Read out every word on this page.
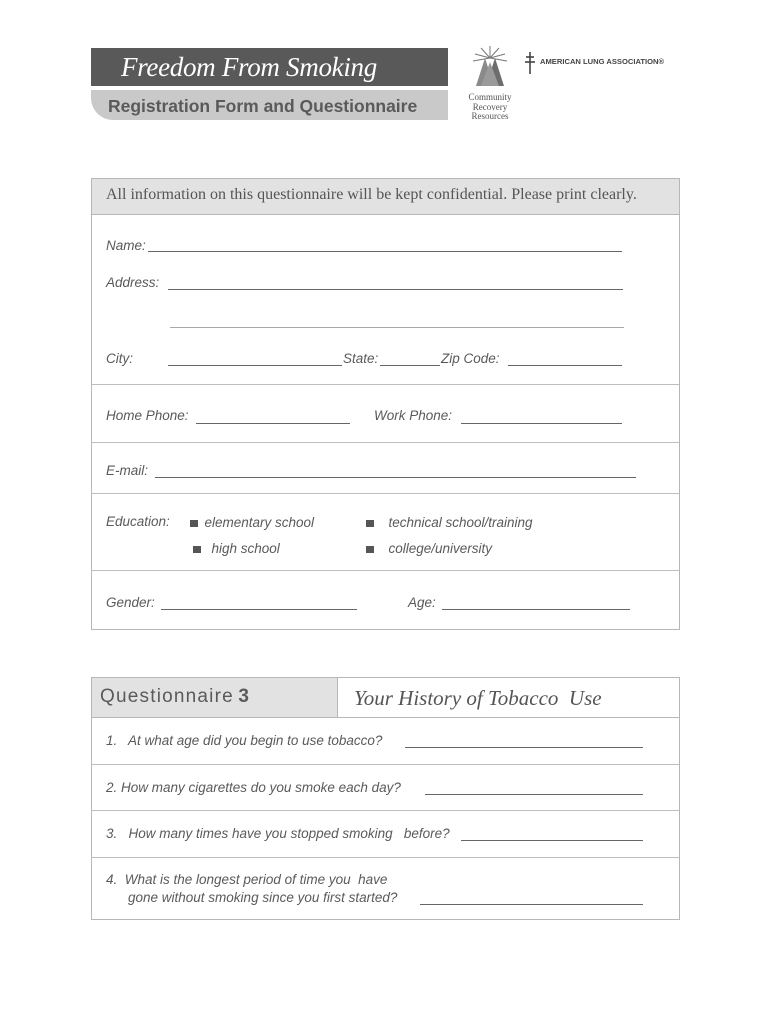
Freedom From Smoking
Registration Form and Questionnaire	Community
Recovery
Resources
AMERICAN LUNG ASSOCIATION®
All information on this questionnaire will be kept confidential. Please print clearly.
Name:
Address:
City:	State:	Zip Code:
Home Phone:	Work Phone:
E-mail:
Education:	elementary school	technical school/training
high school	college/university
Gender:	Age:
Questionnaire 3	Your History of Tobacco  Use
1.   At what age did you begin to use tobacco?
2. How many cigarettes do you smoke each day?
3.   How many times have you stopped smoking   before?
4.  What is the longest period of time you  have
gone without smoking since you first started?
